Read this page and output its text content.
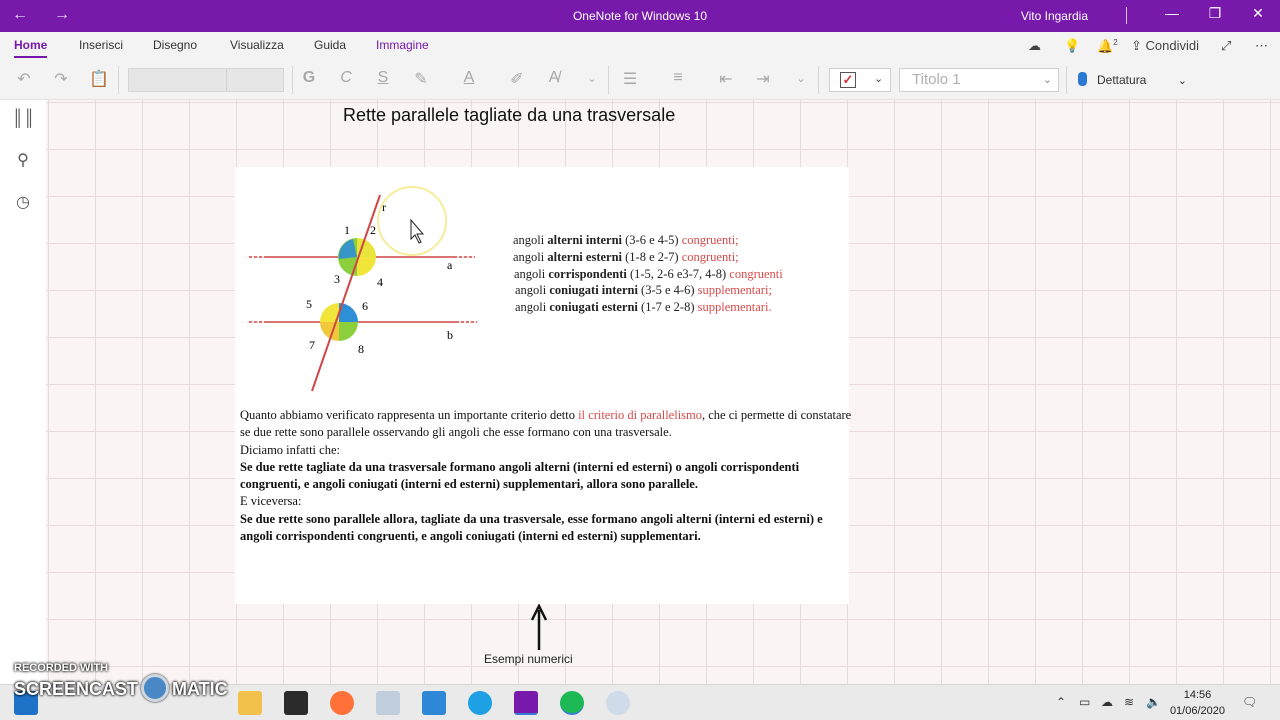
← →	OneNote for Windows 10	Vito Ingardia	—	❐	✕
Home	Inserisci Disegno	Visualizza	Guida Immagine	☁ 💡 🔔$^2$ ⇪ Condividi ⤢ ⋯
↶ ↷ 📋	G	C	S	✎	A	✐	A̸	⌄	☰	≡	⇤ ⇥	⌄	✓ ⌄	Titolo 1	⌄	Dettatura	⌄
║║
⚲
◷
Rette parallele tagliate da una trasversale
r
a
b
1 2
3	4
5	6
7	8
angoli alterni interni (3-6 e 4-5) congruenti;
angoli alterni esterni (1-8 e 2-7) congruenti;
angoli corrispondenti (1-5, 2-6 e3-7, 4-8) congruenti
angoli coniugati interni (3-5 e 4-6) supplementari;
angoli coniugati esterni (1-7 e 2-8) supplementari.
Quanto abbiamo verificato rappresenta un importante criterio detto il criterio di parallelismo, che ci permette di constatare se due rette sono parallele osservando gli angoli che esse formano con una trasversale.
Diciamo infatti che:
Se due rette tagliate da una trasversale formano angoli alterni (interni ed esterni) o angoli corrispondenti congruenti, e angoli coniugati (interni ed esterni) supplementari, allora sono parallele.
E viceversa:
Se due rette sono parallele allora, tagliate da una trasversale, esse formano angoli alterni (interni ed esterni) e angoli corrispondenti congruenti, e angoli coniugati (interni ed esterni) supplementari.
Esempi numerici
⌃ ▭ ☁ ≋ 🔈	14:56
01/06/2020
🗨
RECORDED WITH
SCREENCAST MATIC
